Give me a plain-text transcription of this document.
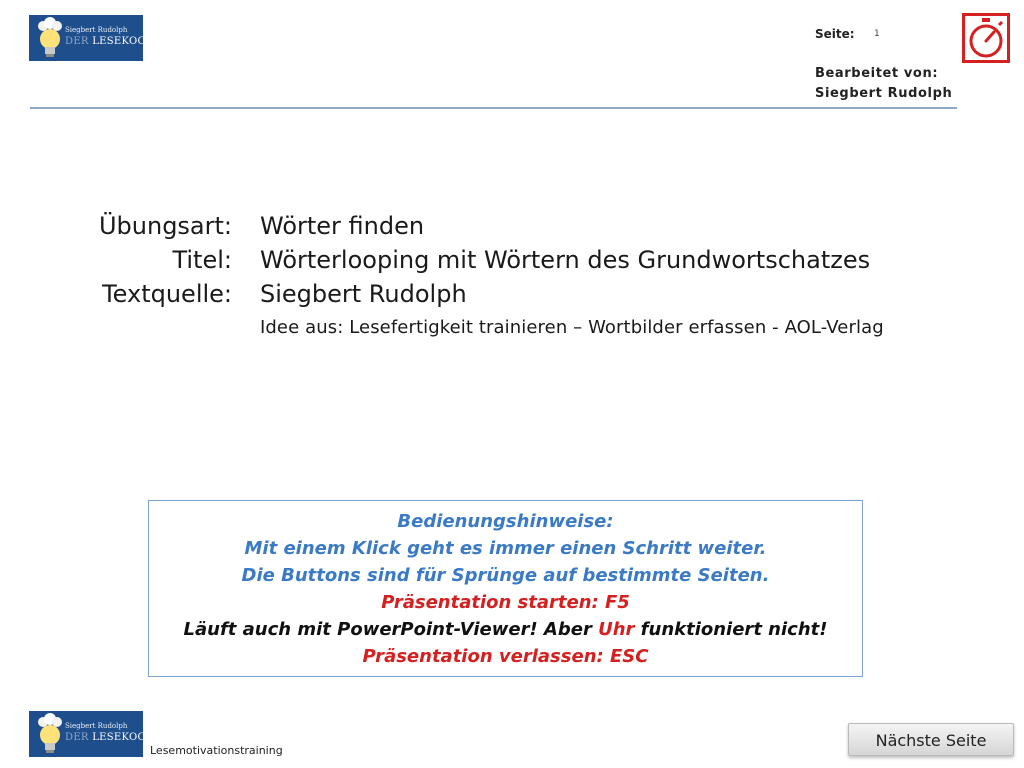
Siegbert Rudolph
DER LESEKOCH
Seite: 1
Bearbeitet von:
Siegbert Rudolph
Übungsart: Wörter finden
Titel: Wörterlooping mit Wörtern des Grundwortschatzes
Textquelle: Siegbert Rudolph
Idee aus: Lesefertigkeit trainieren – Wortbilder erfassen - AOL-Verlag
Bedienungshinweise:
Mit einem Klick geht es immer einen Schritt weiter.
Die Buttons sind für Sprünge auf bestimmte Seiten.
Präsentation starten: F5
Läuft auch mit PowerPoint-Viewer! Aber Uhr funktioniert nicht!
Präsentation verlassen: ESC
Siegbert Rudolph
DER LESEKOCH
Lesemotivationstraining
Nächste Seite
